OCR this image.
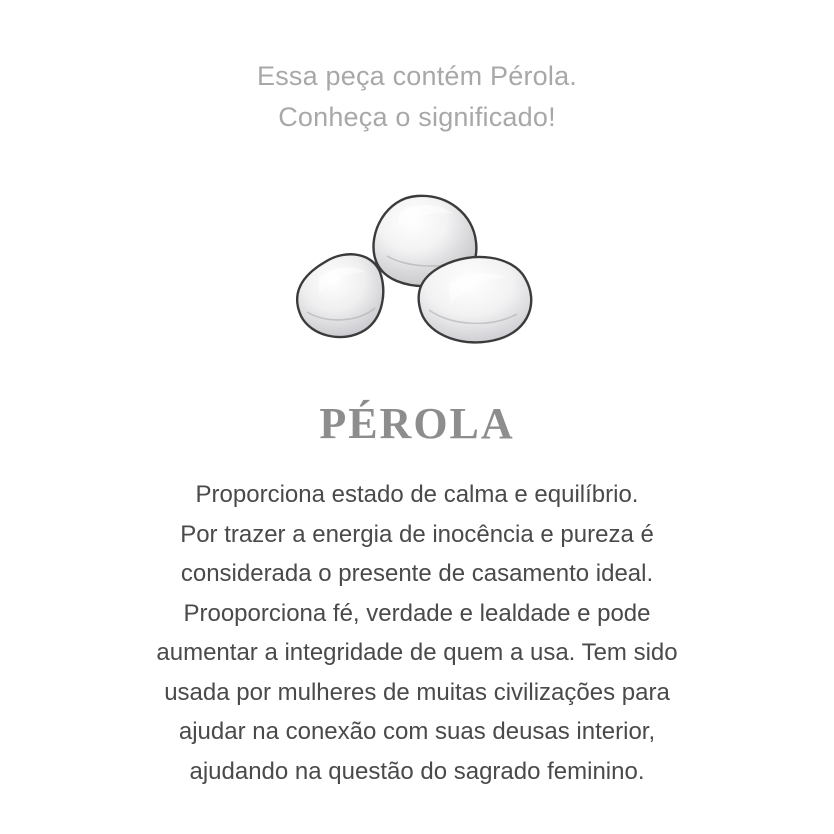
Essa peça contém Pérola.
Conheça o significado!
PÉROLA
Proporciona estado de calma e equilíbrio.
Por trazer a energia de inocência e pureza é
considerada o presente de casamento ideal.
Prooporciona fé, verdade e lealdade e pode
aumentar a integridade de quem a usa. Tem sido
usada por mulheres de muitas civilizações para
ajudar na conexão com suas deusas interior,
ajudando na questão do sagrado feminino.
